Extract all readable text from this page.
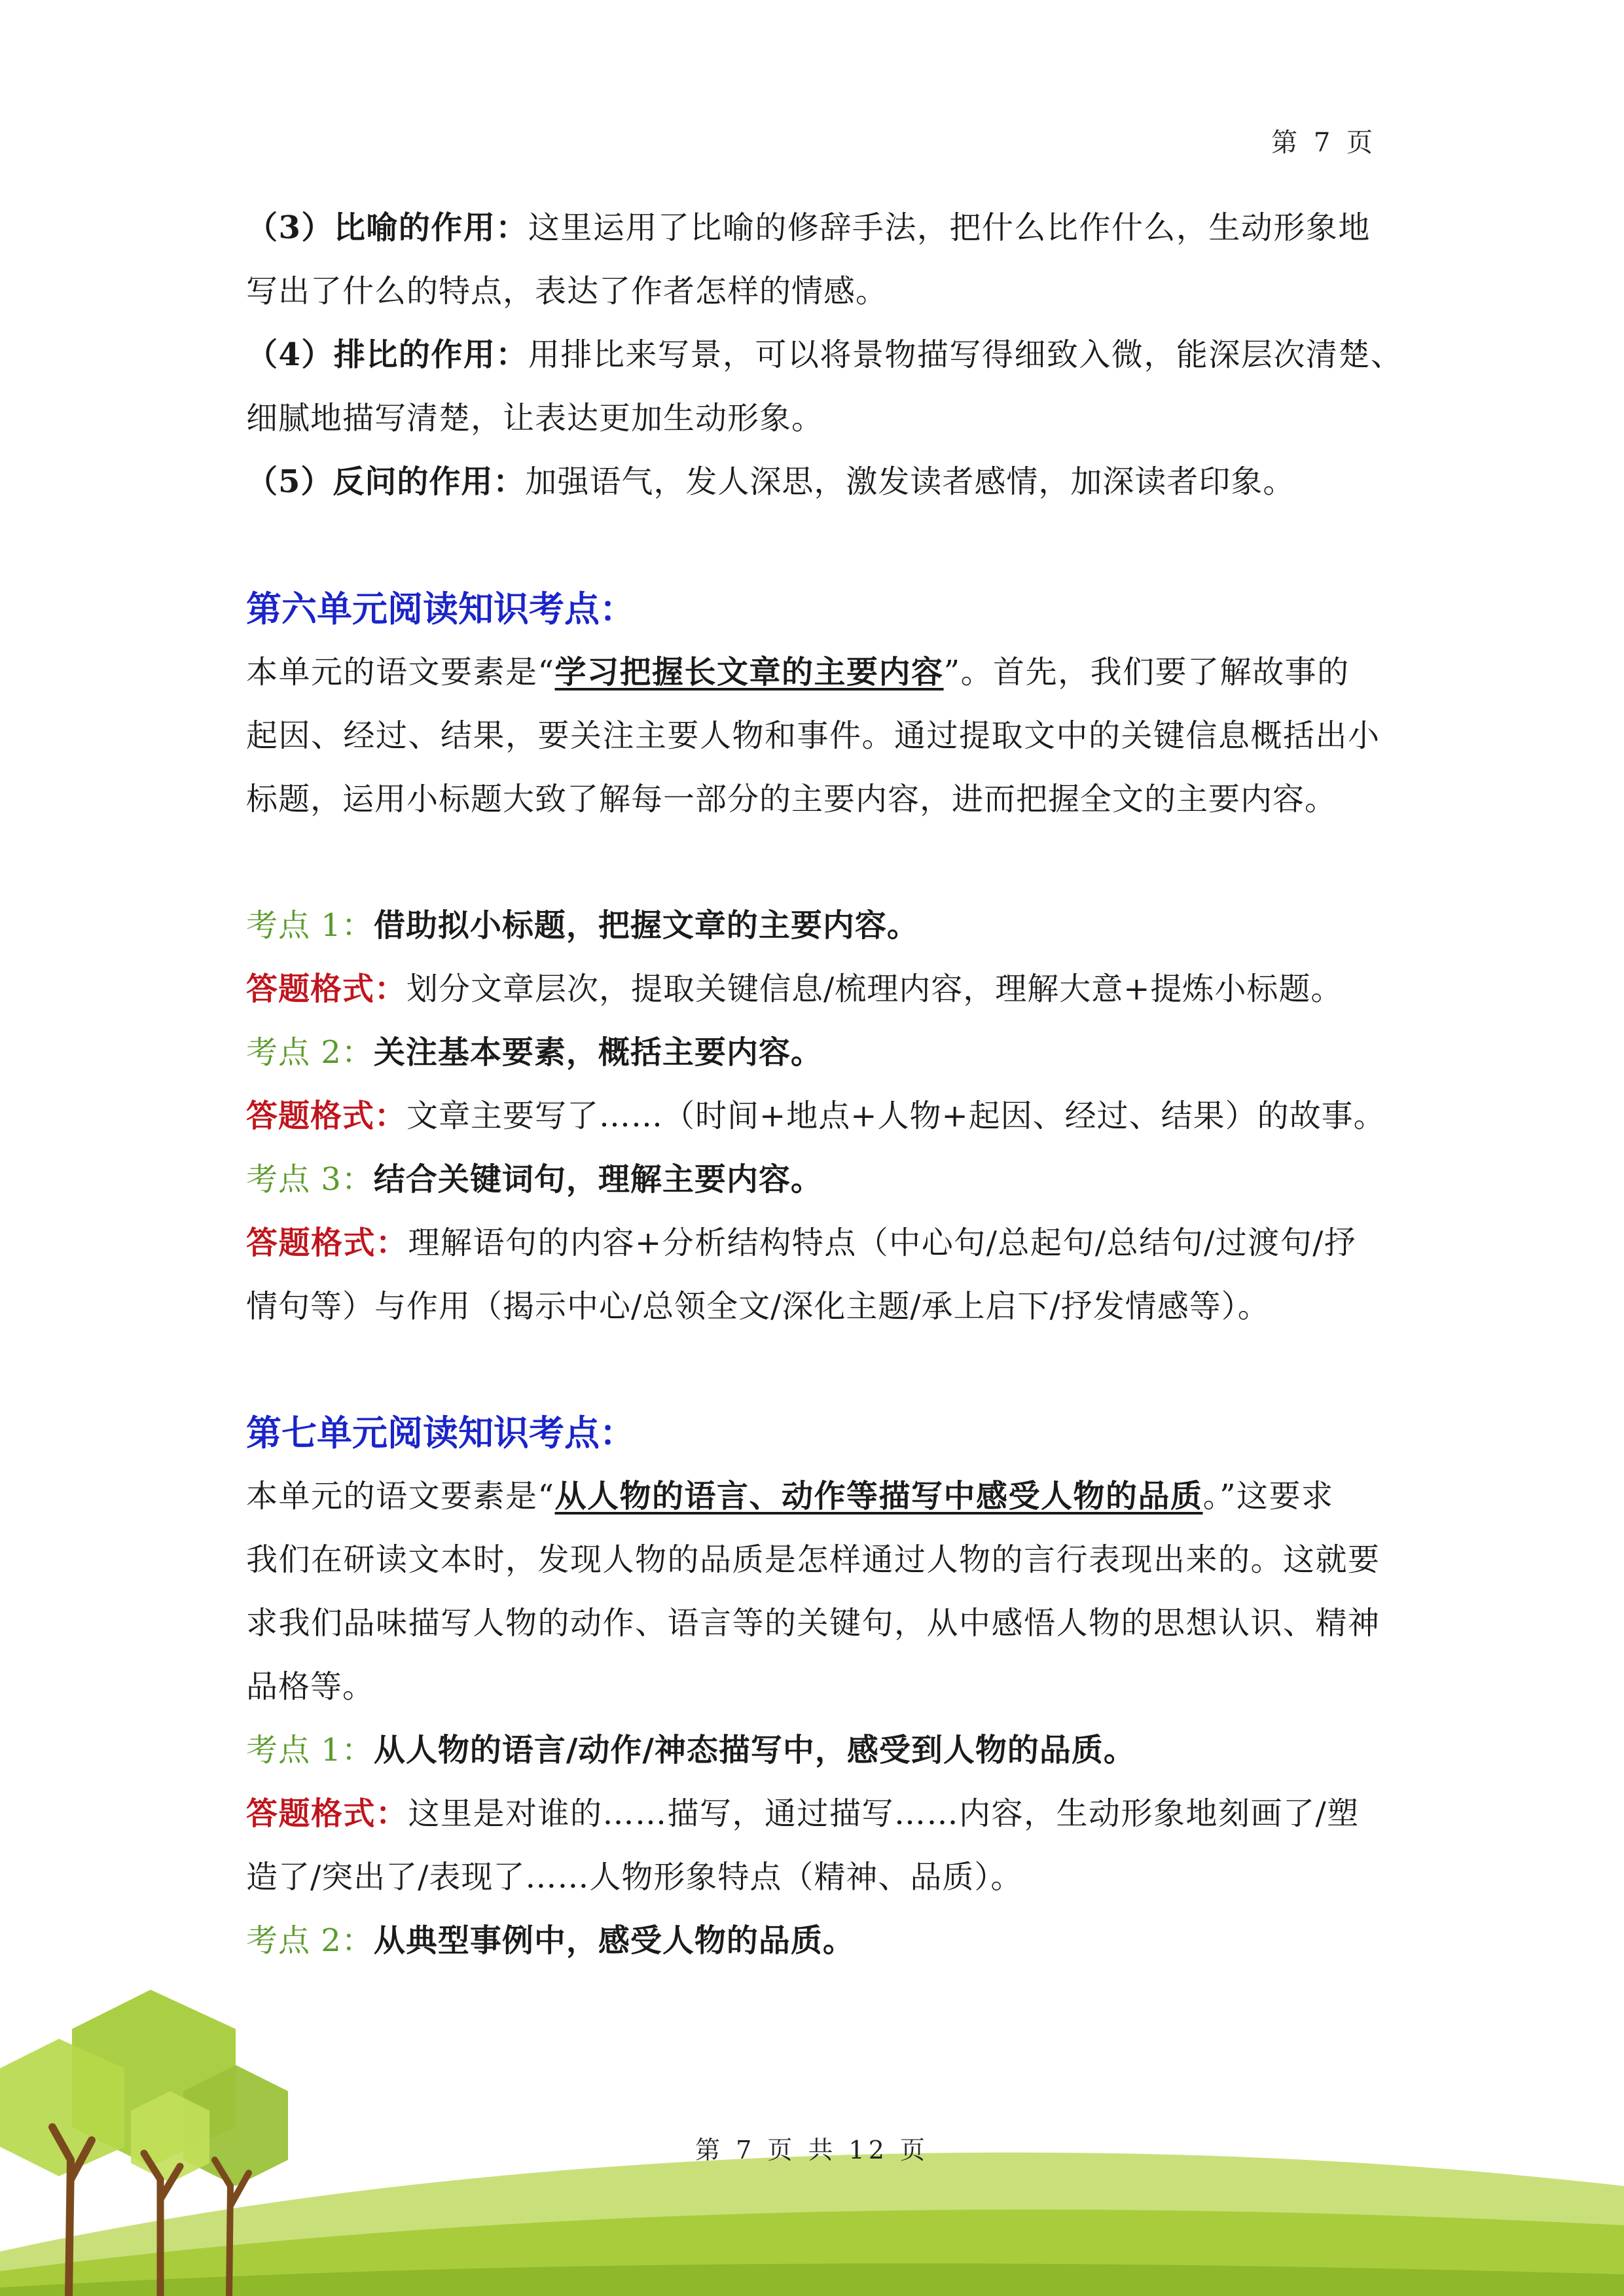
第 7 页
（3）比喻的作用：这里运用了比喻的修辞手法，把什么比作什么，生动形象地
写出了什么的特点，表达了作者怎样的情感。
（4）排比的作用：用排比来写景，可以将景物描写得细致入微，能深层次清楚、
细腻地描写清楚，让表达更加生动形象。
（5）反问的作用：加强语气，发人深思，激发读者感情，加深读者印象。
第六单元阅读知识考点：
本单元的语文要素是“学习把握长文章的主要内容”。首先，我们要了解故事的
起因、经过、结果，要关注主要人物和事件。通过提取文中的关键信息概括出小
标题，运用小标题大致了解每一部分的主要内容，进而把握全文的主要内容。
考点 1：借助拟小标题，把握文章的主要内容。
答题格式：划分文章层次，提取关键信息/梳理内容，理解大意+提炼小标题。
考点 2：关注基本要素，概括主要内容。
答题格式：文章主要写了……（时间+地点+人物+起因、经过、结果）的故事。
考点 3：结合关键词句，理解主要内容。
答题格式：理解语句的内容+分析结构特点（中心句/总起句/总结句/过渡句/抒
情句等）与作用（揭示中心/总领全文/深化主题/承上启下/抒发情感等）。
第七单元阅读知识考点：
本单元的语文要素是“从人物的语言、动作等描写中感受人物的品质。”这要求
我们在研读文本时，发现人物的品质是怎样通过人物的言行表现出来的。这就要
求我们品味描写人物的动作、语言等的关键句，从中感悟人物的思想认识、精神
品格等。
考点 1：从人物的语言/动作/神态描写中，感受到人物的品质。
答题格式：这里是对谁的……描写，通过描写……内容，生动形象地刻画了/塑
造了/突出了/表现了……人物形象特点（精神、品质）。
考点 2：从典型事例中，感受人物的品质。
第 7 页 共 12 页
